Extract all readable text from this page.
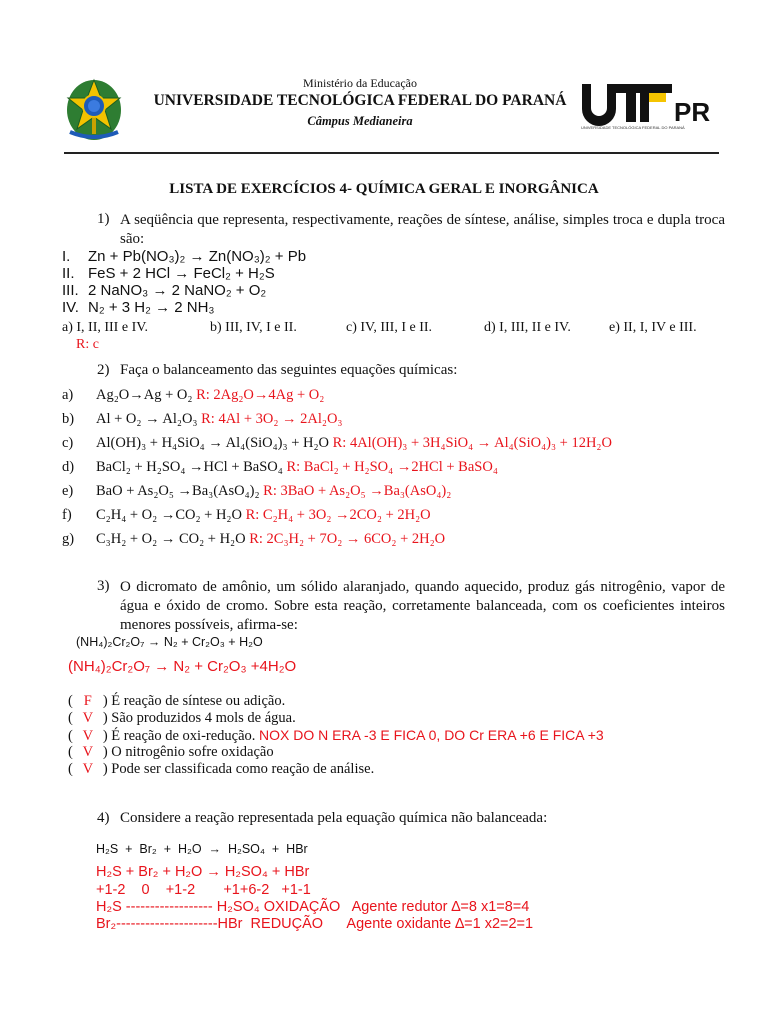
Ministério da Educação
UNIVERSIDADE TECNOLÓGICA FEDERAL DO PARANÁ
Câmpus Medianeira	PR
UNIVERSIDADE TECNOLÓGICA FEDERAL DO PARANÁ
LISTA DE EXERCÍCIOS 4- QUÍMICA GERAL E INORGÂNICA
1) A seqüência que representa, respectivamente, reações de síntese, análise, simples troca e dupla troca são:
I. Zn + Pb(NO₃)₂ → Zn(NO₃)₂ + Pb
II. FeS + 2 HCl → FeCl₂ + H₂S
III. 2 NaNO₃ → 2 NaNO₂ + O₂
IV. N₂ + 3 H₂ → 2 NH₃
a) I, II, III e IV.	b) III, IV, I e II.	c) IV, III, I e II.	d) I, III, II e IV.	e) II, I, IV e III.
R: c
2) Faça o balanceamento das seguintes equações químicas:
a) Ag₂O→Ag + O₂ R: 2Ag₂O→4Ag + O₂
b) Al + O₂ → Al₂O₃ R: 4Al + 3O₂ → 2Al₂O₃
c) Al(OH)₃ + H₄SiO₄ → Al₄(SiO₄)₃ + H₂O R: 4Al(OH)₃ + 3H₄SiO₄ → Al₄(SiO₄)₃ + 12H₂O
d) BaCl₂ + H₂SO₄ →HCl + BaSO₄ R: BaCl₂ + H₂SO₄ →2HCl + BaSO₄
e) BaO + As₂O₅ →Ba₃(AsO₄)₂ R: 3BaO + As₂O₅ →Ba₃(AsO₄)₂
f) C₂H₄ + O₂ →CO₂ + H₂O R: C₂H₄ + 3O₂ →2CO₂ + 2H₂O
g) C₃H₂ + O₂ → CO₂ + H₂O R: 2C₃H₂ + 7O₂ → 6CO₂ + 2H₂O
3) O dicromato de amônio, um sólido alaranjado, quando aquecido, produz gás nitrogênio, vapor de água e óxido de cromo. Sobre esta reação, corretamente balanceada, com os coeficientes inteiros menores possíveis, afirma-se:
(NH₄)₂Cr₂O₇ → N₂ + Cr₂O₃ + H₂O
(NH₄)₂Cr₂O₇ → N₂ + Cr₂O₃ +4H₂O
( F ) É reação de síntese ou adição.
( V ) São produzidos 4 mols de água.
( V ) É reação de oxi-redução. NOX DO N ERA -3 E FICA 0, DO Cr ERA +6 E FICA +3
( V ) O nitrogênio sofre oxidação
( V ) Pode ser classificada como reação de análise.
4) Considere a reação representada pela equação química não balanceada:
H₂S  +  Br₂  +  H₂O  →  H₂SO₄  +  HBr
H₂S + Br₂ + H₂O → H₂SO₄ + HBr
+1-2    0    +1-2       +1+6-2   +1-1
H₂S ------------------ H₂SO₄ OXIDAÇÃO   Agente redutor ∆=8 x1=8=4
Br₂---------------------HBr  REDUÇÃO      Agente oxidante ∆=1 x2=2=1
